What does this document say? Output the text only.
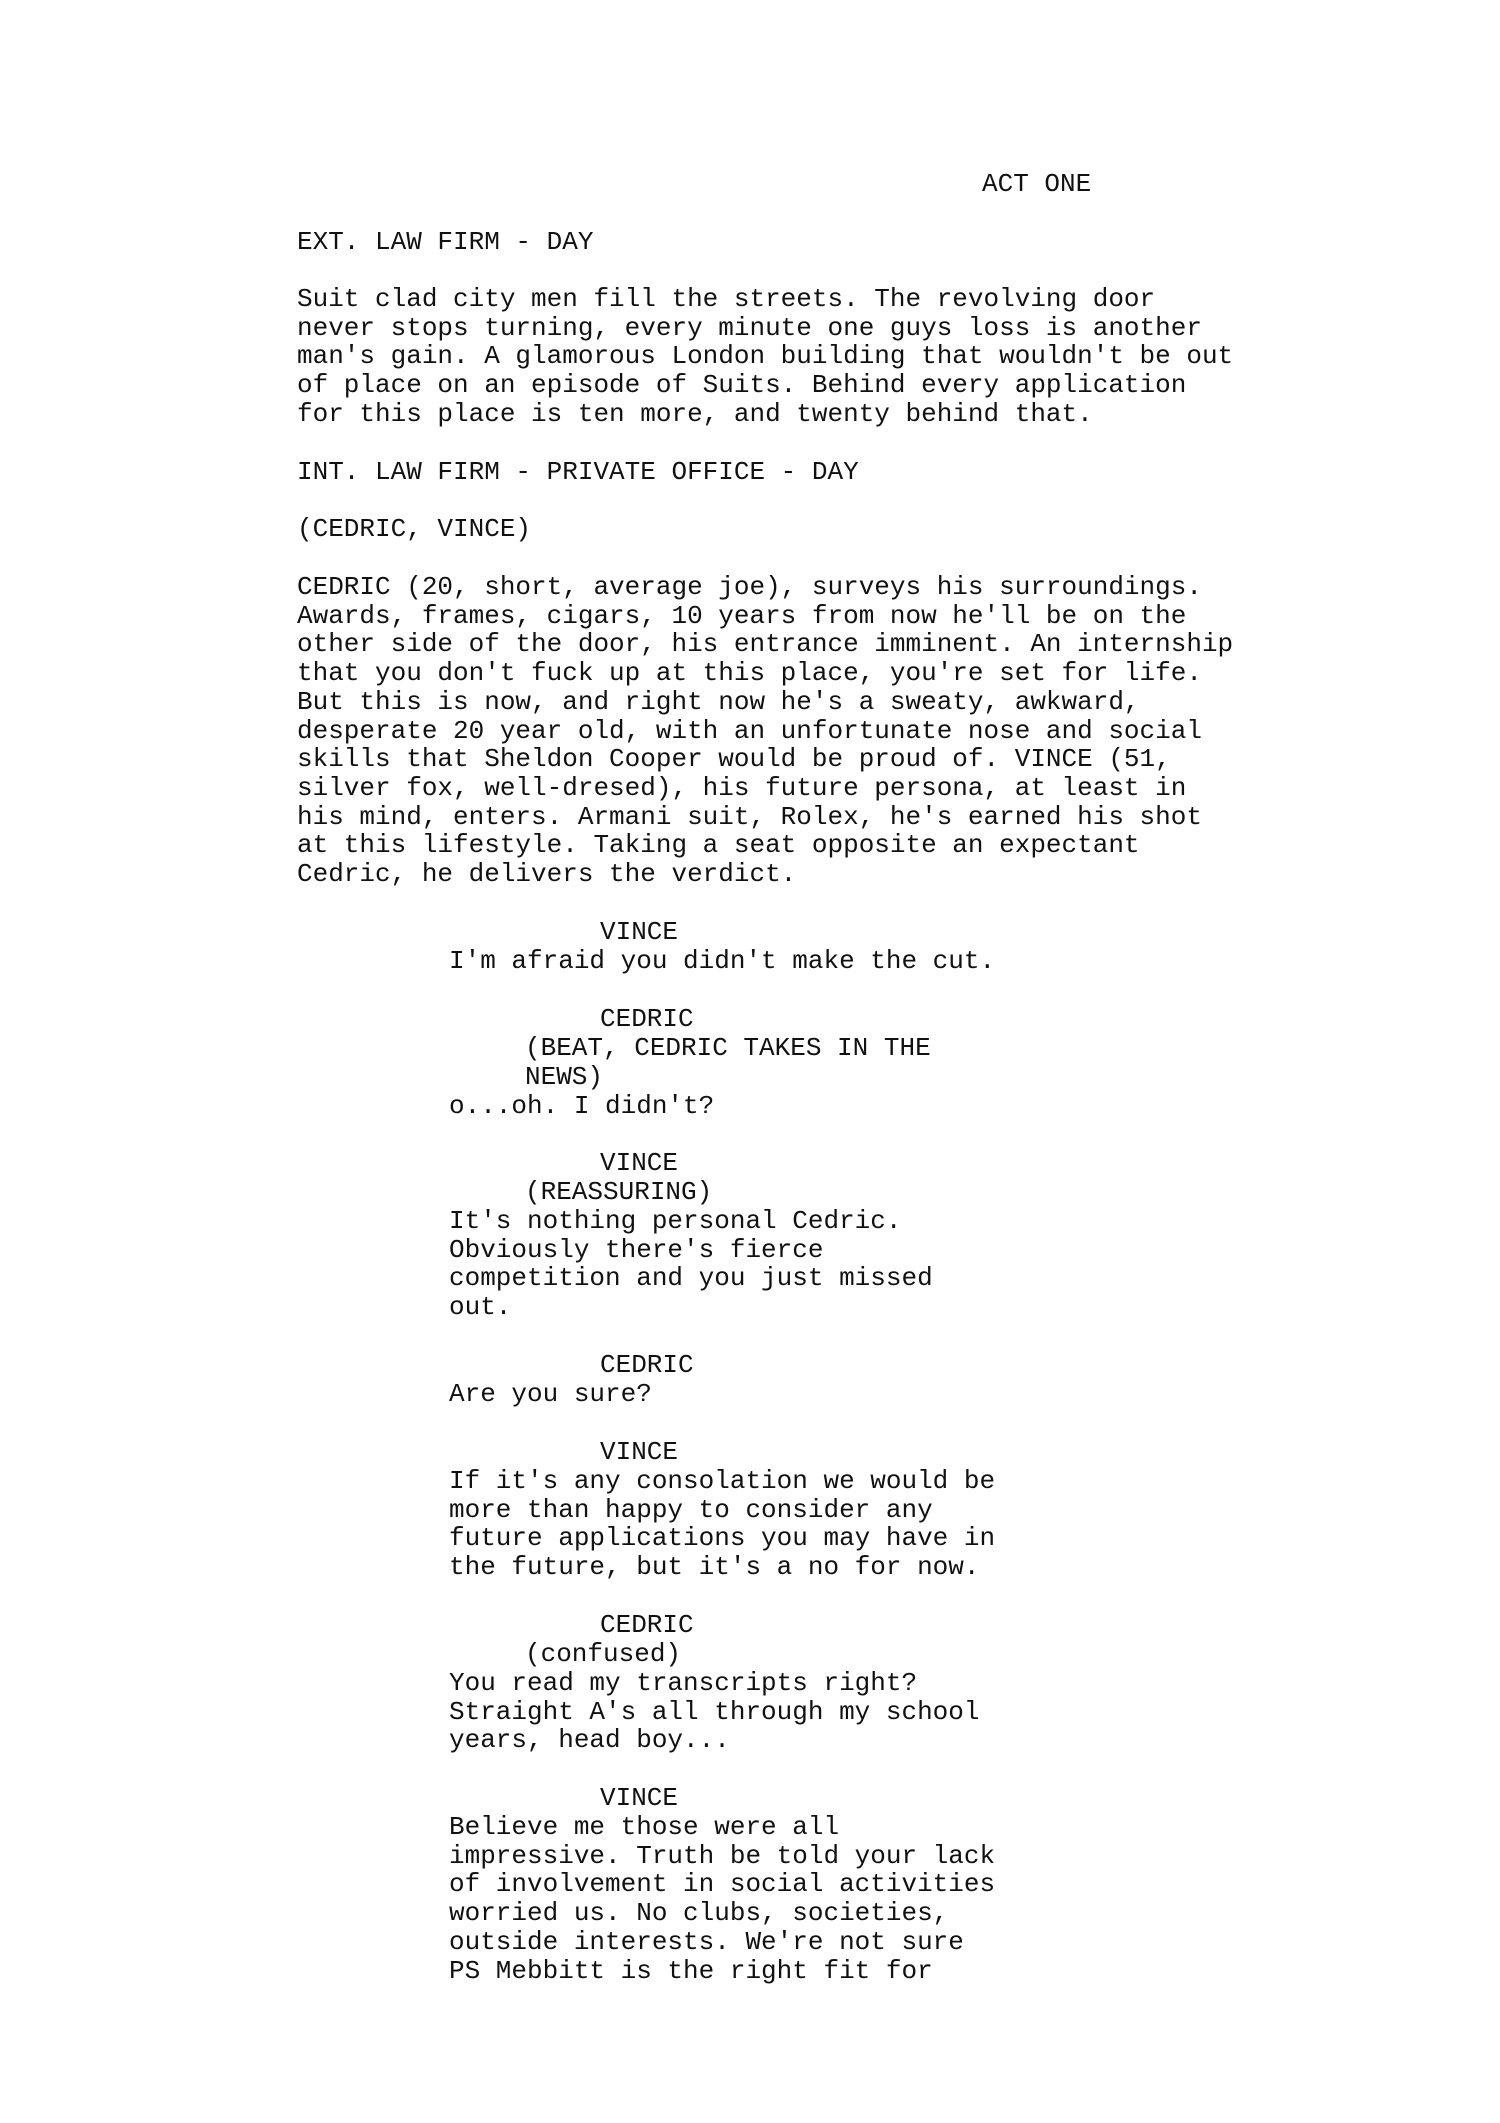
ACT ONE
EXT. LAW FIRM - DAY
Suit clad city men fill the streets. The revolving door
never stops turning, every minute one guys loss is another
man's gain. A glamorous London building that wouldn't be out
of place on an episode of Suits. Behind every application
for this place is ten more, and twenty behind that.
INT. LAW FIRM - PRIVATE OFFICE - DAY
(CEDRIC, VINCE)
CEDRIC (20, short, average joe), surveys his surroundings.
Awards, frames, cigars, 10 years from now he'll be on the
other side of the door, his entrance imminent. An internship
that you don't fuck up at this place, you're set for life.
But this is now, and right now he's a sweaty, awkward,
desperate 20 year old, with an unfortunate nose and social
skills that Sheldon Cooper would be proud of. VINCE (51,
silver fox, well-dresed), his future persona, at least in
his mind, enters. Armani suit, Rolex, he's earned his shot
at this lifestyle. Taking a seat opposite an expectant
Cedric, he delivers the verdict.
VINCE
I'm afraid you didn't make the cut.
CEDRIC
(BEAT, CEDRIC TAKES IN THE
NEWS)
o...oh. I didn't?
VINCE
(REASSURING)
It's nothing personal Cedric.
Obviously there's fierce
competition and you just missed
out.
CEDRIC
Are you sure?
VINCE
If it's any consolation we would be
more than happy to consider any
future applications you may have in
the future, but it's a no for now.
CEDRIC
(confused)
You read my transcripts right?
Straight A's all through my school
years, head boy...
VINCE
Believe me those were all
impressive. Truth be told your lack
of involvement in social activities
worried us. No clubs, societies,
outside interests. We're not sure
PS Mebbitt is the right fit for
